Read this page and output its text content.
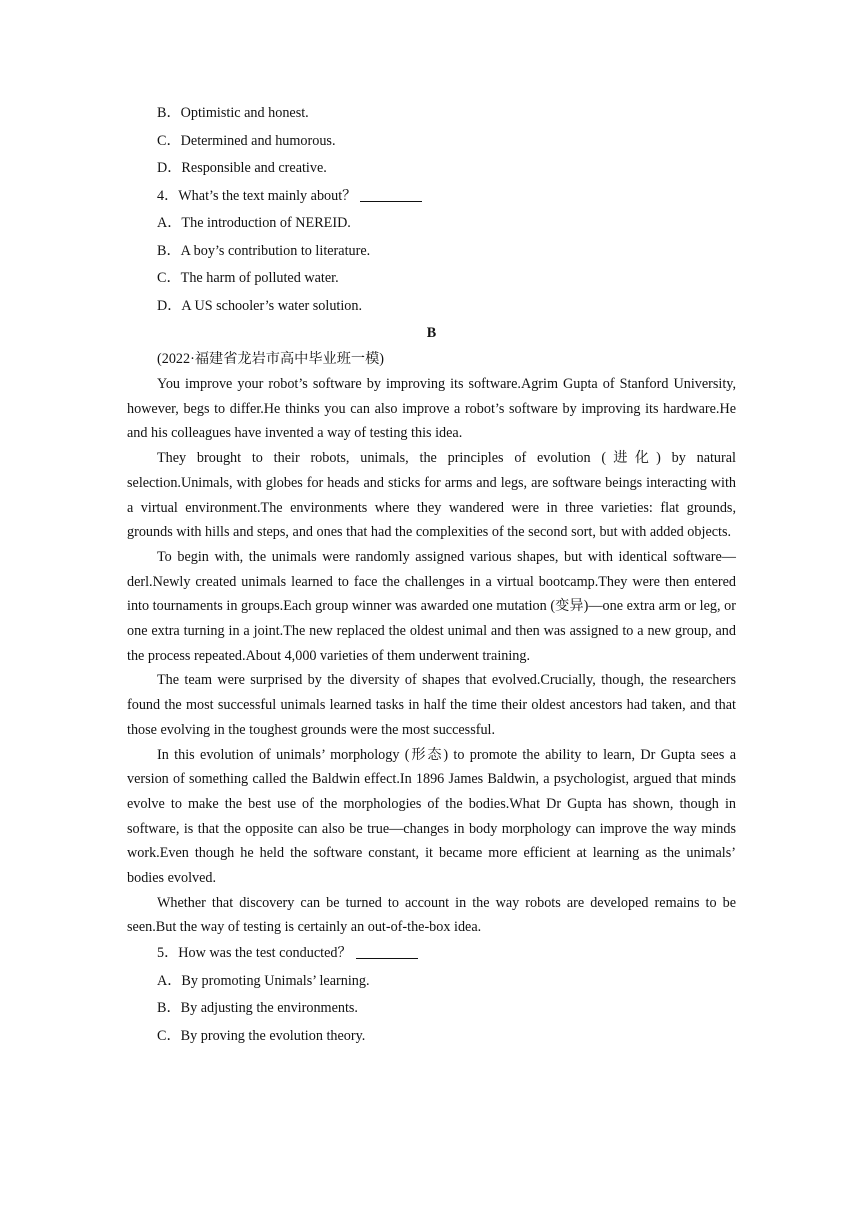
B．Optimistic and honest.
C．Determined and humorous.
D．Responsible and creative.
4．What’s the text mainly about？
A．The introduction of NEREID.
B．A boy’s contribution to literature.
C．The harm of polluted water.
D．A US schooler’s water solution.
B
(2022·福建省龙岩市高中毕业班一模)

You improve your robot’s software by improving its software.Agrim Gupta of Stanford University, however, begs to differ.He thinks you can also improve a robot’s software by improving its hardware.He and his colleagues have invented a way of testing this idea.

They brought to their robots, unimals, the principles of evolution (进化) by natural selection.Unimals, with globes for heads and sticks for arms and legs, are software beings interacting with a virtual environment.The environments where they wandered were in three varieties: flat grounds, grounds with hills and steps, and ones that had the complexities of the second sort, but with added objects.

To begin with, the unimals were randomly assigned various shapes, but with identical software—derl.Newly created unimals learned to face the challenges in a virtual bootcamp.They were then entered into tournaments in groups.Each group winner was awarded one mutation (变异)—one extra arm or leg, or one extra turning in a joint.The new replaced the oldest unimal and then was assigned to a new group, and the process repeated.About 4,000 varieties of them underwent training.

The team were surprised by the diversity of shapes that evolved.Crucially, though, the researchers found the most successful unimals learned tasks in half the time their oldest ancestors had taken, and that those evolving in the toughest grounds were the most successful.

In this evolution of unimals’ morphology (形态) to promote the ability to learn, Dr Gupta sees a version of something called the Baldwin effect.In 1896 James Baldwin, a psychologist, argued that minds evolve to make the best use of the morphologies of the bodies.What Dr Gupta has shown, though in software, is that the opposite can also be true—changes in body morphology can improve the way minds work.Even though he held the software constant, it became more efficient at learning as the unimals’ bodies evolved.

Whether that discovery can be turned to account in the way robots are developed remains to be seen.But the way of testing is certainly an out-of-the-box idea.

5．How was the test conducted？
A．By promoting Unimals’ learning.
B．By adjusting the environments.
C．By proving the evolution theory.
